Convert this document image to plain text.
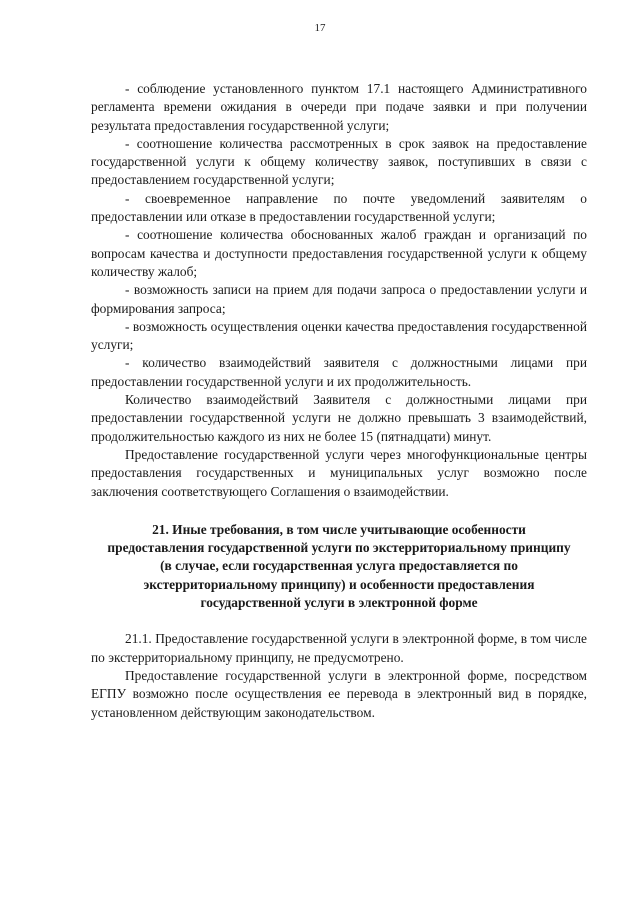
17

- соблюдение установленного пунктом 17.1 настоящего Административного регламента времени ожидания в очереди при подаче заявки и при получении результата предоставления государственной услуги;

- соотношение количества рассмотренных в срок заявок на предоставление государственной услуги к общему количеству заявок, поступивших в связи с предоставлением государственной услуги;

- своевременное направление по почте уведомлений заявителям о предоставлении или отказе в предоставлении государственной услуги;

- соотношение количества обоснованных жалоб граждан и организаций по вопросам качества и доступности предоставления государственной услуги к общему количеству жалоб;

- возможность записи на прием для подачи запроса о предоставлении услуги и формирования запроса;

- возможность осуществления оценки качества предоставления государственной услуги;

- количество взаимодействий заявителя с должностными лицами при предоставлении государственной услуги и их продолжительность.

Количество взаимодействий Заявителя с должностными лицами при предоставлении государственной услуги не должно превышать 3 взаимодействий, продолжительностью каждого из них не более 15 (пятнадцати) минут.

Предоставление государственной услуги через многофункциональные центры предоставления государственных и муниципальных услуг возможно после заключения соответствующего Соглашения о взаимодействии.

21. Иные требования, в том числе учитывающие особенности предоставления государственной услуги по экстерриториальному принципу (в случае, если государственная услуга предоставляется по экстерриториальному принципу) и особенности предоставления государственной услуги в электронной форме

21.1. Предоставление государственной услуги в электронной форме, в том числе по экстерриториальному принципу, не предусмотрено.

Предоставление государственной услуги в электронной форме, посредством ЕГПУ возможно после осуществления ее перевода в электронный вид в порядке, установленном действующим законодательством.
